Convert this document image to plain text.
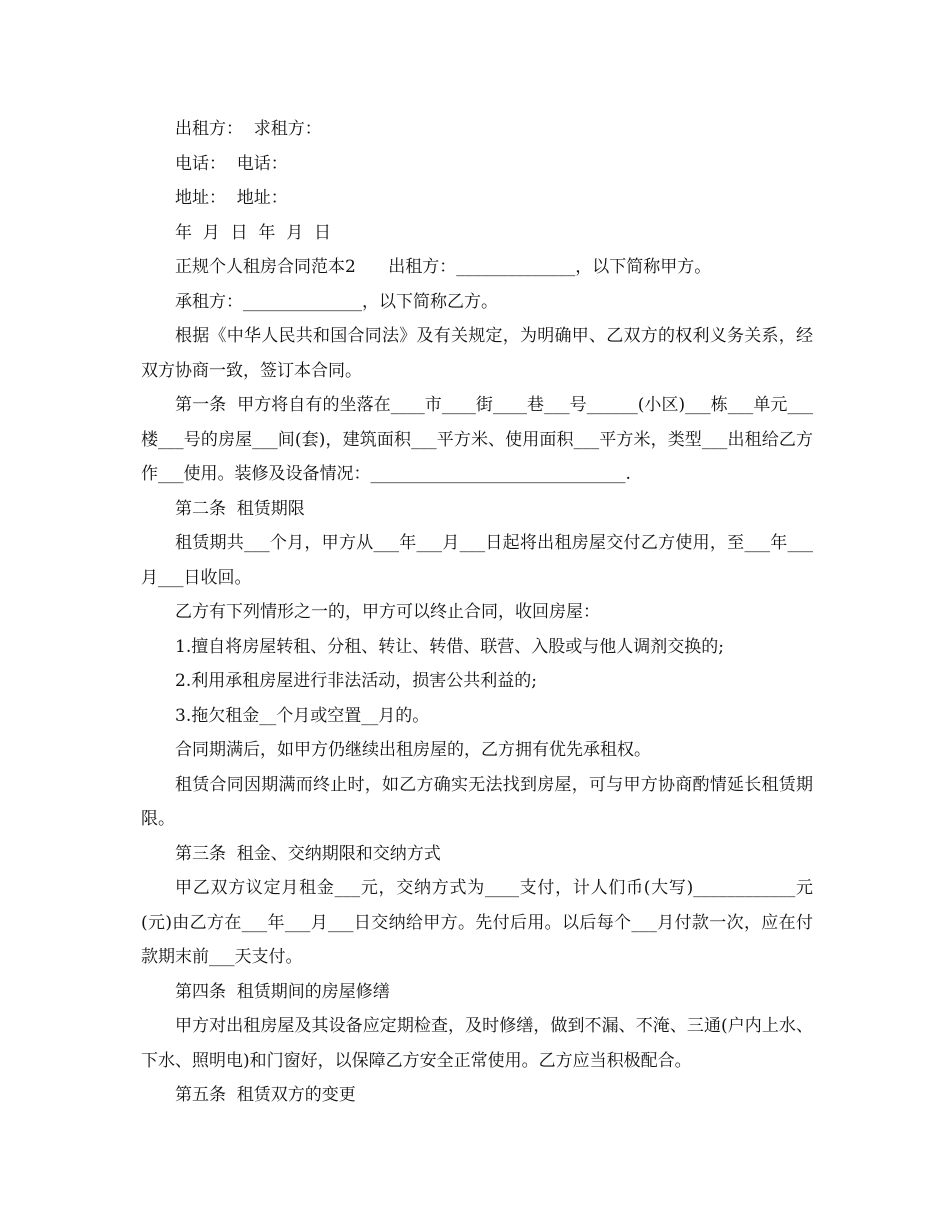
出租方：  求租方：

电话：  电话：

地址：  地址：

年  月  日  年  月  日

正规个人租房合同范本2      出租方：______________，以下简称甲方。

承租方：______________，以下简称乙方。

根据《中华人民共和国合同法》及有关规定，为明确甲、乙双方的权利义务关系，经双方协商一致，签订本合同。

第一条  甲方将自有的坐落在____市____街____巷___号______(小区)___栋___单元___楼___号的房屋___间(套)，建筑面积___平方米、使用面积___平方米，类型___出租给乙方作___使用。装修及设备情况：______________________________.

第二条  租赁期限

租赁期共___个月，甲方从___年___月___日起将出租房屋交付乙方使用，至___年___月___日收回。

乙方有下列情形之一的，甲方可以终止合同，收回房屋：

1.擅自将房屋转租、分租、转让、转借、联营、入股或与他人调剂交换的;

2.利用承租房屋进行非法活动，损害公共利益的;

3.拖欠租金__个月或空置__月的。

合同期满后，如甲方仍继续出租房屋的，乙方拥有优先承租权。

租赁合同因期满而终止时，如乙方确实无法找到房屋，可与甲方协商酌情延长租赁期限。

第三条  租金、交纳期限和交纳方式

甲乙双方议定月租金___元，交纳方式为____支付，计人们币(大写)____________元(元)由乙方在___年___月___日交纳给甲方。先付后用。以后每个___月付款一次，应在付款期末前___天支付。

第四条  租赁期间的房屋修缮

甲方对出租房屋及其设备应定期检查，及时修缮，做到不漏、不淹、三通(户内上水、下水、照明电)和门窗好，以保障乙方安全正常使用。乙方应当积极配合。

第五条  租赁双方的变更
